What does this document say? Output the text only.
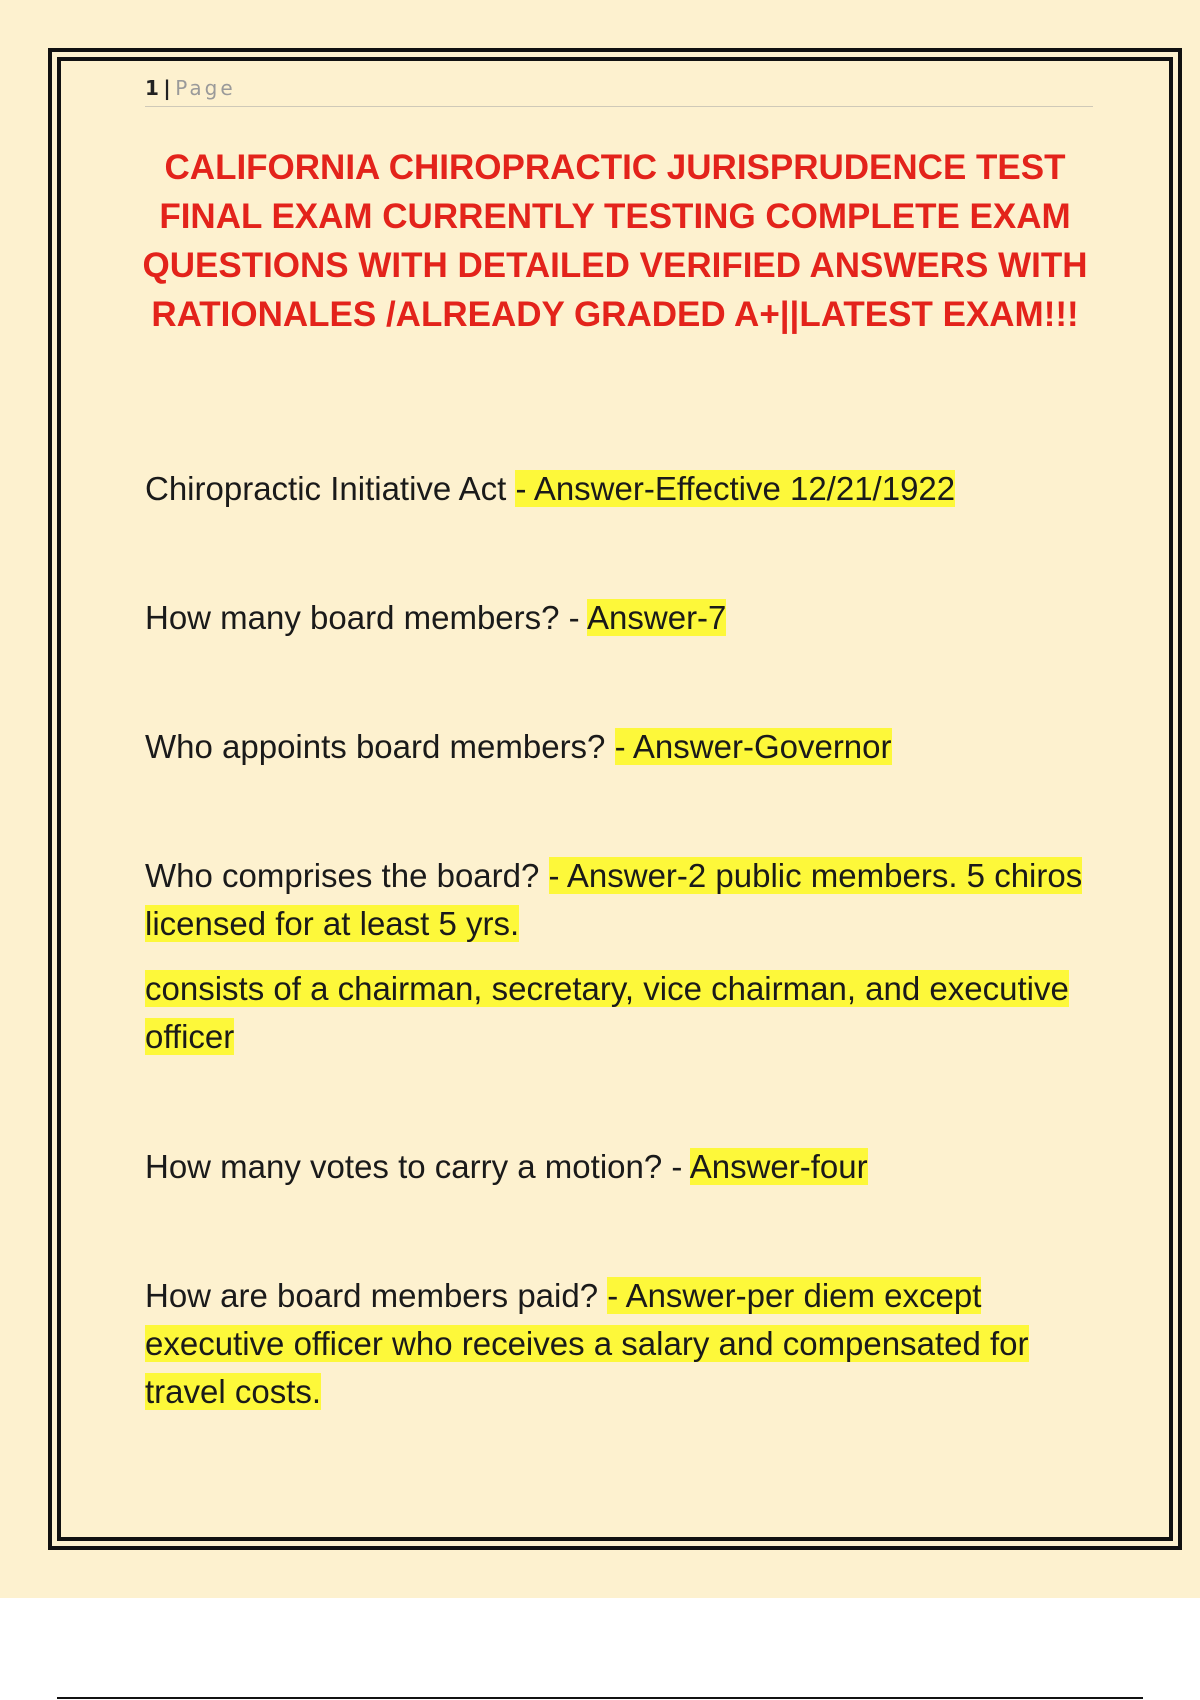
1 | Page
CALIFORNIA CHIROPRACTIC JURISPRUDENCE TEST FINAL EXAM CURRENTLY TESTING COMPLETE EXAM QUESTIONS WITH DETAILED VERIFIED ANSWERS WITH RATIONALES /ALREADY GRADED A+||LATEST EXAM!!!
Chiropractic Initiative Act - Answer-Effective 12/21/1922
How many board members? - Answer-7
Who appoints board members? - Answer-Governor
Who comprises the board? - Answer-2 public members. 5 chiros licensed for at least 5 yrs.
consists of a chairman, secretary, vice chairman, and executive officer
How many votes to carry a motion? - Answer-four
How are board members paid? - Answer-per diem except executive officer who receives a salary and compensated for travel costs.
